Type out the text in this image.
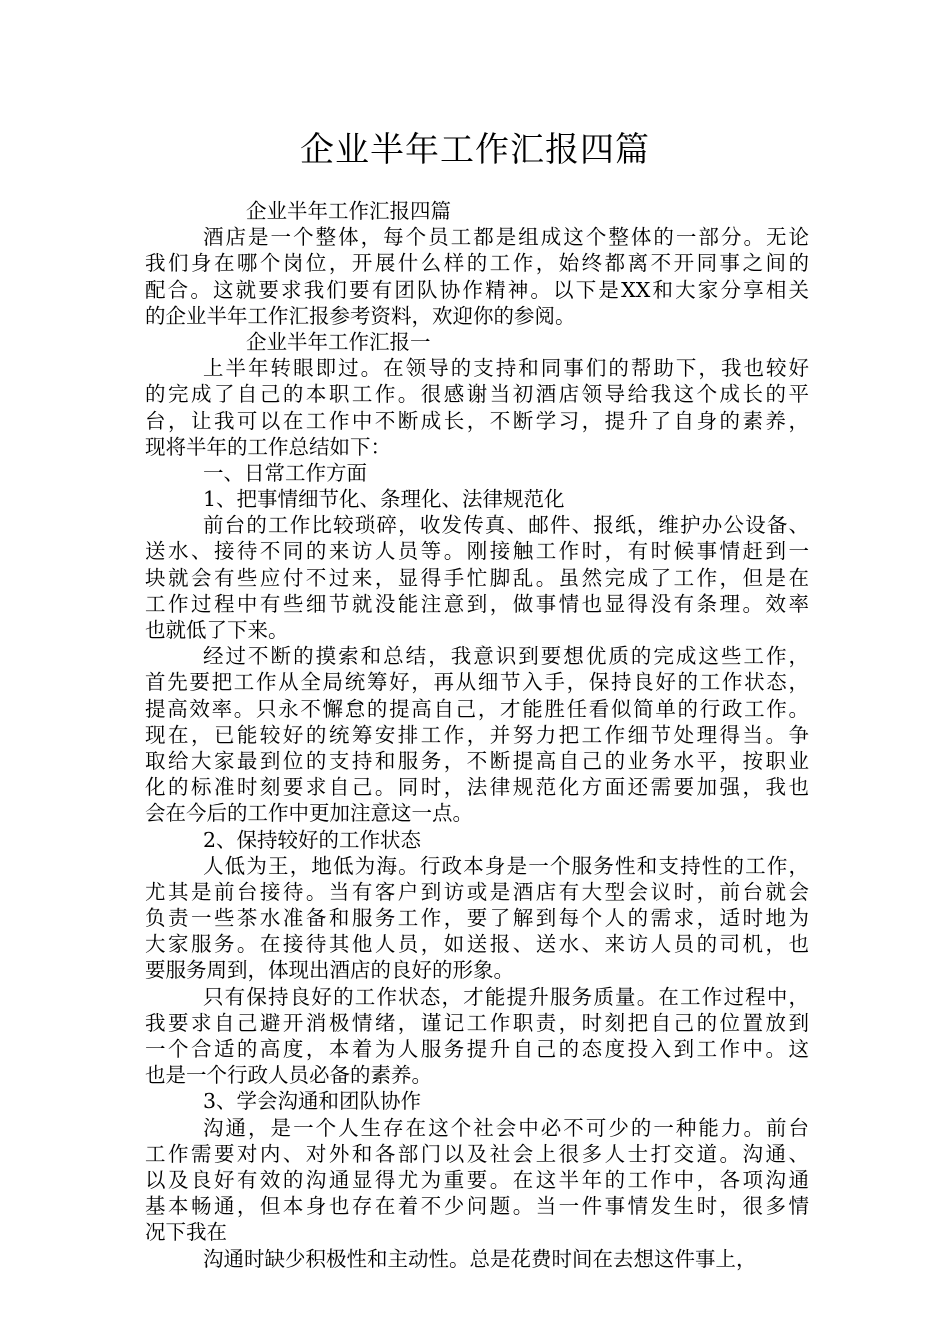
企业半年工作汇报四篇
企业半年工作汇报四篇
酒店是一个整体，每个员工都是组成这个整体的一部分。无论
我们身在哪个岗位，开展什么样的工作，始终都离不开同事之间的
配合。这就要求我们要有团队协作精神。以下是XX和大家分享相关
的企业半年工作汇报参考资料，欢迎你的参阅。
企业半年工作汇报一
上半年转眼即过。在领导的支持和同事们的帮助下，我也较好
的完成了自己的本职工作。很感谢当初酒店领导给我这个成长的平
台，让我可以在工作中不断成长，不断学习，提升了自身的素养，
现将半年的工作总结如下：
一、日常工作方面
1、把事情细节化、条理化、法律规范化
前台的工作比较琐碎，收发传真、邮件、报纸，维护办公设备、
送水、接待不同的来访人员等。刚接触工作时，有时候事情赶到一
块就会有些应付不过来，显得手忙脚乱。虽然完成了工作，但是在
工作过程中有些细节就没能注意到，做事情也显得没有条理。效率
也就低了下来。
经过不断的摸索和总结，我意识到要想优质的完成这些工作，
首先要把工作从全局统筹好，再从细节入手，保持良好的工作状态，
提高效率。只永不懈怠的提高自己，才能胜任看似简单的行政工作。
现在，已能较好的统筹安排工作，并努力把工作细节处理得当。争
取给大家最到位的支持和服务，不断提高自己的业务水平，按职业
化的标准时刻要求自己。同时，法律规范化方面还需要加强，我也
会在今后的工作中更加注意这一点。
2、保持较好的工作状态
人低为王，地低为海。行政本身是一个服务性和支持性的工作，
尤其是前台接待。当有客户到访或是酒店有大型会议时，前台就会
负责一些茶水准备和服务工作，要了解到每个人的需求，适时地为
大家服务。在接待其他人员，如送报、送水、来访人员的司机，也
要服务周到，体现出酒店的良好的形象。
只有保持良好的工作状态，才能提升服务质量。在工作过程中，
我要求自己避开消极情绪，谨记工作职责，时刻把自己的位置放到
一个合适的高度，本着为人服务提升自己的态度投入到工作中。这
也是一个行政人员必备的素养。
3、学会沟通和团队协作
沟通，是一个人生存在这个社会中必不可少的一种能力。前台
工作需要对内、对外和各部门以及社会上很多人士打交道。沟通、
以及良好有效的沟通显得尤为重要。在这半年的工作中，各项沟通
基本畅通，但本身也存在着不少问题。当一件事情发生时，很多情
况下我在
沟通时缺少积极性和主动性。总是花费时间在去想这件事上，
